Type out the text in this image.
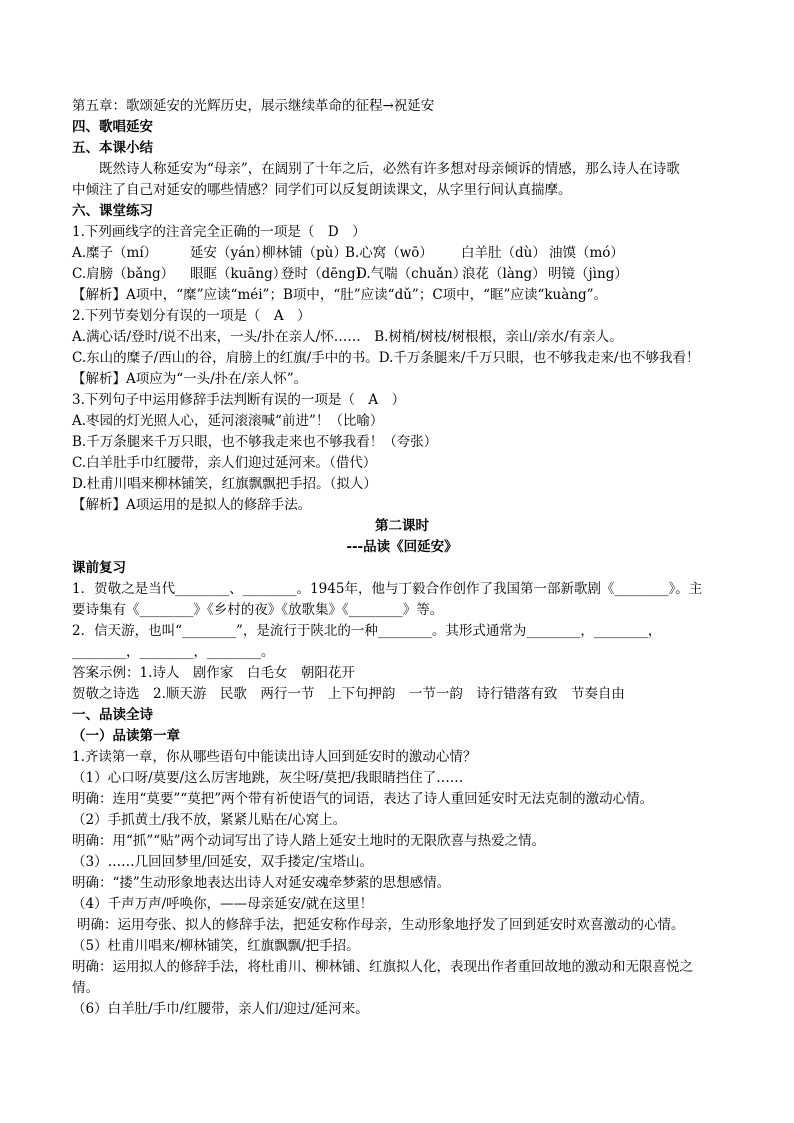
第五章：歌颂延安的光辉历史，展示继续革命的征程→祝延安
四、歌唱延安
五、本课小结
既然诗人称延安为“母亲”，在阔别了十年之后，必然有许多想对母亲倾诉的情感，那么诗人在诗歌
中倾注了自己对延安的哪些情感？同学们可以反复朗读课文，从字里行间认真揣摩。
六、课堂练习
1.下列画线字的注音完全正确的一项是（　D　）
A.糜子（mí）	延安（yán）
柳林铺（pù）
B.心窝（wō）	白羊肚（dù） 油馍（mó）
C.肩膀（bǎng）	眼眶（kuāng）
登时（dēng）
D.气喘（chuǎn）
浪花（làng） 明镜（jìng）
【解析】A项中，“糜”应读“méi”；B项中，“肚”应读“dǔ”；C项中，“眶”应读“kuàng”。
2.下列节奏划分有误的一项是（　A　）
A.满心话/登时/说不出来，一头/扑在亲人/怀……　B.树梢/树枝/树根根，亲山/亲水/有亲人。
C.东山的糜子/西山的谷，肩膀上的红旗/手中的书。D.千万条腿来/千万只眼，也不够我走来/也不够我看！
【解析】A项应为“一头/扑在/亲人怀”。
3.下列句子中运用修辞手法判断有误的一项是（　A　）
A.枣园的灯光照人心，延河滚滚喊“前进”！（比喻）
B.千万条腿来千万只眼，也不够我走来也不够我看！（夸张）
C.白羊肚手巾红腰带，亲人们迎过延河来。（借代）
D.杜甫川唱来柳林铺笑，红旗飘飘把手招。（拟人）
【解析】A项运用的是拟人的修辞手法。
第二课时
---品读《回延安》
课前复习
1．贺敬之是当代________、________。1945年，他与丁毅合作创作了我国第一部新歌剧《________》。主
要诗集有《________》《乡村的夜》《放歌集》《________》等。
2．信天游，也叫“________”，是流行于陕北的一种________。其形式通常为________，________，
________，________，________。
答案示例：1.诗人　剧作家　白毛女　朝阳花开
贺敬之诗选　2.顺天游　民歌　两行一节　上下句押韵　一节一韵　诗行错落有致　节奏自由
一、品读全诗
（一）品读第一章
1.齐读第一章，你从哪些语句中能读出诗人回到延安时的激动心情？
（1）心口呀/莫要/这么厉害地跳，灰尘呀/莫把/我眼睛挡住了……
明确：连用“莫要”“莫把”两个带有祈使语气的词语，表达了诗人重回延安时无法克制的激动心情。
（2）手抓黄土/我不放，紧紧儿贴在/心窝上。
明确：用“抓”“贴”两个动词写出了诗人踏上延安土地时的无限欣喜与热爱之情。
（3）……几回回梦里/回延安，双手搂定/宝塔山。
明确：“搂”生动形象地表达出诗人对延安魂牵梦萦的思想感情。
（4）千声万声/呼唤你，——母亲延安/就在这里！
明确：运用夸张、拟人的修辞手法，把延安称作母亲，生动形象地抒发了回到延安时欢喜激动的心情。
（5）杜甫川唱来/柳林铺笑，红旗飘飘/把手招。
明确：运用拟人的修辞手法，将杜甫川、柳林铺、红旗拟人化，表现出作者重回故地的激动和无限喜悦之
情。
（6）白羊肚/手巾/红腰带，亲人们/迎过/延河来。
